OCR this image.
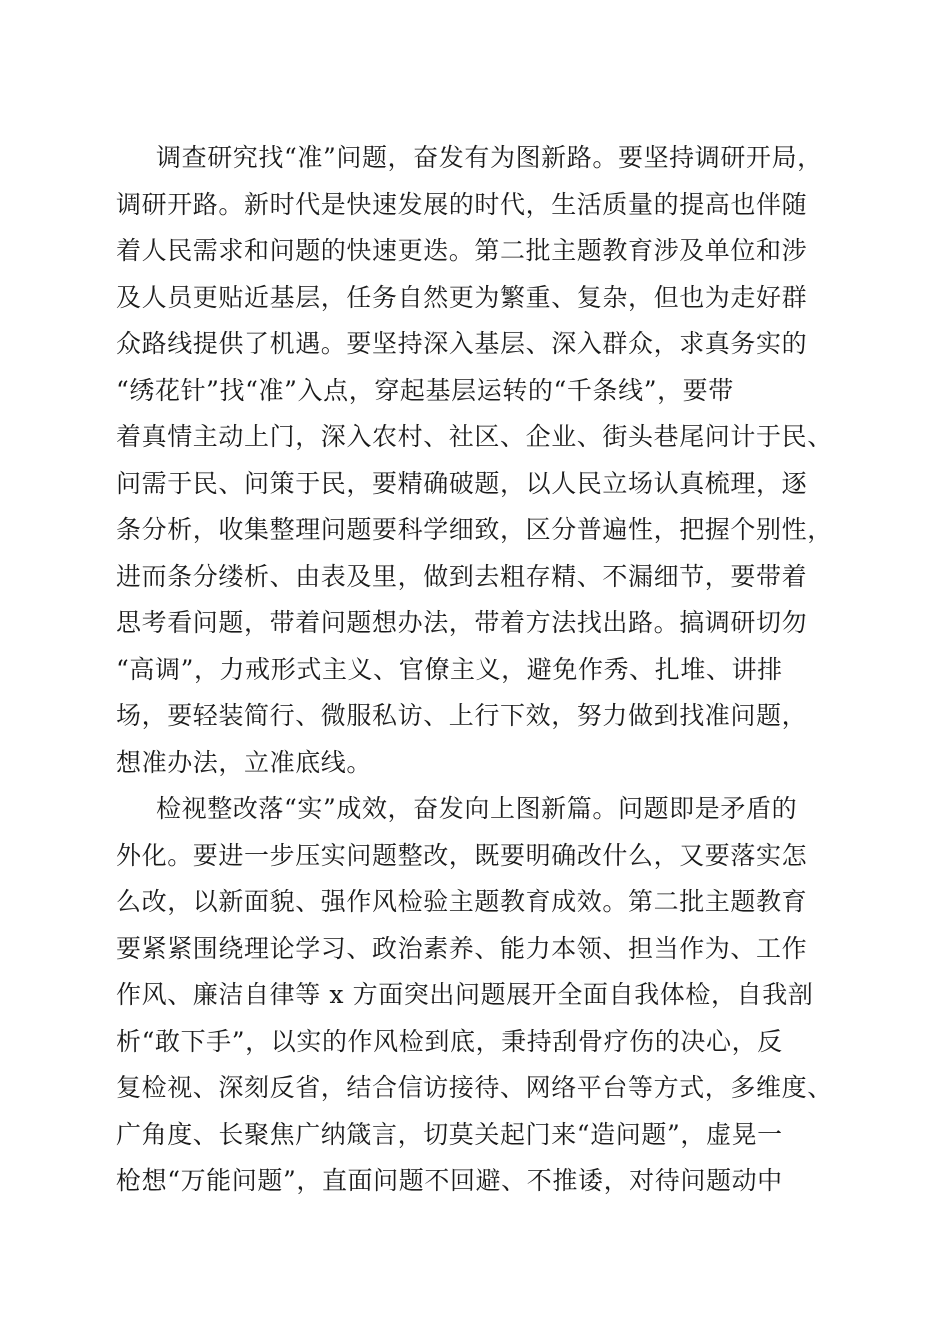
调查研究找“准”问题，奋发有为图新路。要坚持调研开局，
调研开路。新时代是快速发展的时代，生活质量的提高也伴随
着人民需求和问题的快速更迭。第二批主题教育涉及单位和涉
及人员更贴近基层，任务自然更为繁重、复杂，但也为走好群
众路线提供了机遇。要坚持深入基层、深入群众，求真务实的
“绣花针”找“准”入点，穿起基层运转的“千条线”，要带
着真情主动上门，深入农村、社区、企业、街头巷尾问计于民、
问需于民、问策于民，要精确破题，以人民立场认真梳理，逐
条分析，收集整理问题要科学细致，区分普遍性，把握个别性，
进而条分缕析、由表及里，做到去粗存精、不漏细节，要带着
思考看问题，带着问题想办法，带着方法找出路。搞调研切勿
“高调”，力戒形式主义、官僚主义，避免作秀、扎堆、讲排
场，要轻装简行、微服私访、上行下效，努力做到找准问题，
想准办法，立准底线。
检视整改落“实”成效，奋发向上图新篇。问题即是矛盾的
外化。要进一步压实问题整改，既要明确改什么，又要落实怎
么改，以新面貌、强作风检验主题教育成效。第二批主题教育
要紧紧围绕理论学习、政治素养、能力本领、担当作为、工作
作风、廉洁自律等 x 方面突出问题展开全面自我体检，自我剖
析“敢下手”，以实的作风检到底，秉持刮骨疗伤的决心，反
复检视、深刻反省，结合信访接待、网络平台等方式，多维度、
广角度、长聚焦广纳箴言，切莫关起门来“造问题”，虚晃一
枪想“万能问题”，直面问题不回避、不推诿，对待问题动中
